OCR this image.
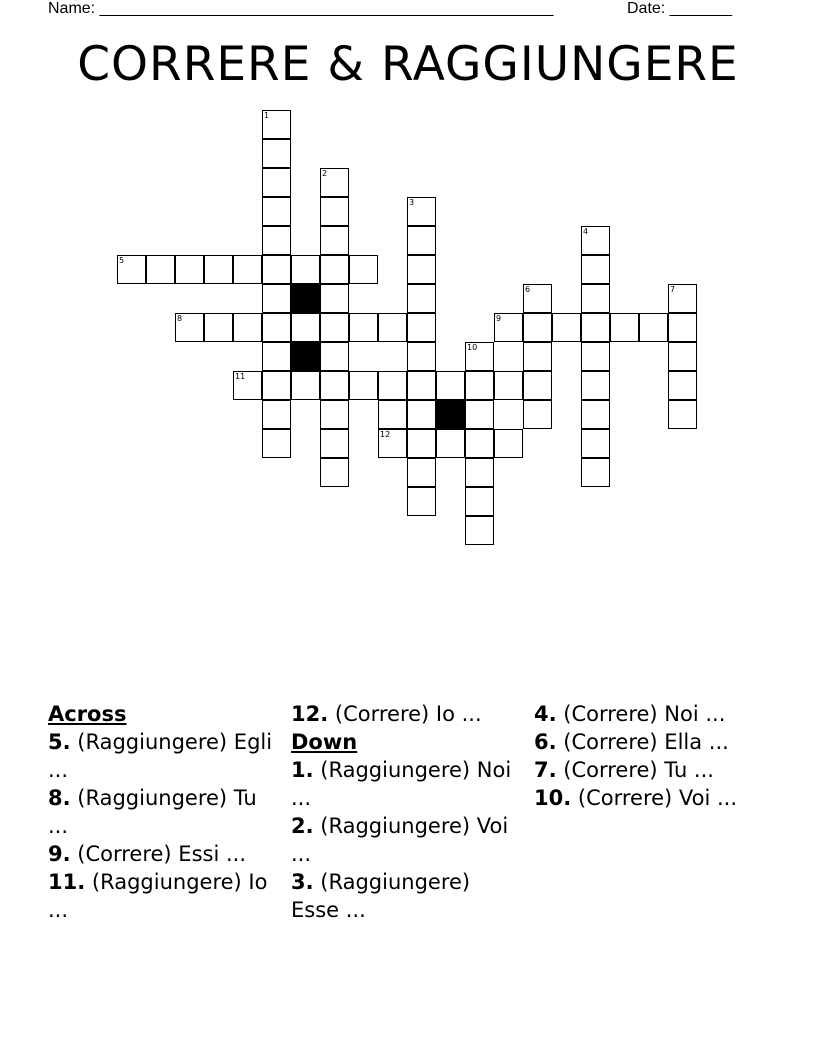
Name: ___________________________________________________	Date: _______
CORRERE & RAGGIUNGERE
1
2
3
4
5
6	7
8	9
10
11
12
Across
5. (Raggiungere) Egli ...
8. (Raggiungere) Tu ...
9. (Correre) Essi ...
11. (Raggiungere) Io ...
12. (Correre) Io ...
Down
1. (Raggiungere) Noi ...
2. (Raggiungere) Voi ...
3. (Raggiungere) Esse ...
4. (Correre) Noi ...
6. (Correre) Ella ...
7. (Correre) Tu ...
10. (Correre) Voi ...
